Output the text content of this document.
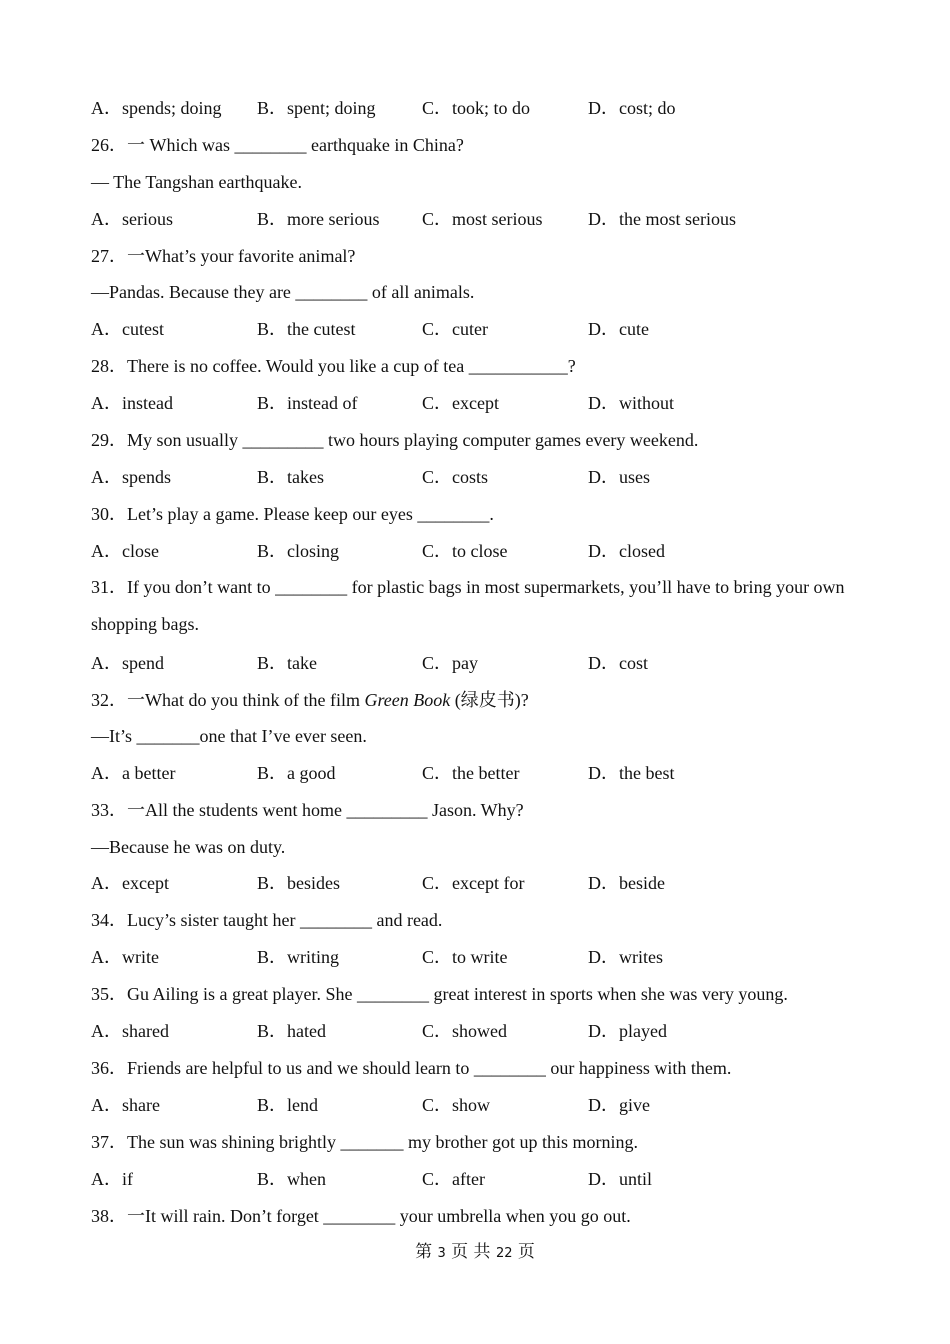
A．spends; doing B．spent; doing	C．took; to do	D．cost; do
26．一 Which was ________ earthquake in China?
— The Tangshan earthquake.
A．serious	B．more serious C．most serious	D．the most serious
27．一What’s your favorite animal?
—Pandas. Because they are ________ of all animals.
A．cutest	B．the cutest	C．cuter	D．cute
28．There is no coffee. Would you like a cup of tea ___________?
A．instead	B．instead of	C．except	D．without
29．My son usually _________ two hours playing computer games every weekend.
A．spends	B．takes	C．costs	D．uses
30．Let’s play a game. Please keep our eyes ________.
A．close	B．closing	C．to close	D．closed
31．If you don’t want to ________ for plastic bags in most supermarkets, you’ll have to bring your own shopping bags.
A．spend	B．take	C．pay	D．cost
32．一What do you think of the film Green Book (绿皮书)?
—It’s _______one that I’ve ever seen.
A．a better	B．a good	C．the better	D．the best
33．一All the students went home _________ Jason. Why?
—Because he was on duty.
A．except	B．besides	C．except for	D．beside
34．Lucy’s sister taught her ________ and read.
A．write	B．writing	C．to write	D．writes
35．Gu Ailing is a great player. She ________ great interest in sports when she was very young.
A．shared	B．hated	C．showed	D．played
36．Friends are helpful to us and we should learn to ________ our happiness with them.
A．share	B．lend	C．show	D．give
37．The sun was shining brightly _______ my brother got up this morning.
A．if	B．when	C．after	D．until
38．一It will rain. Don’t forget ________ your umbrella when you go out.
第 3 页 共 22 页
